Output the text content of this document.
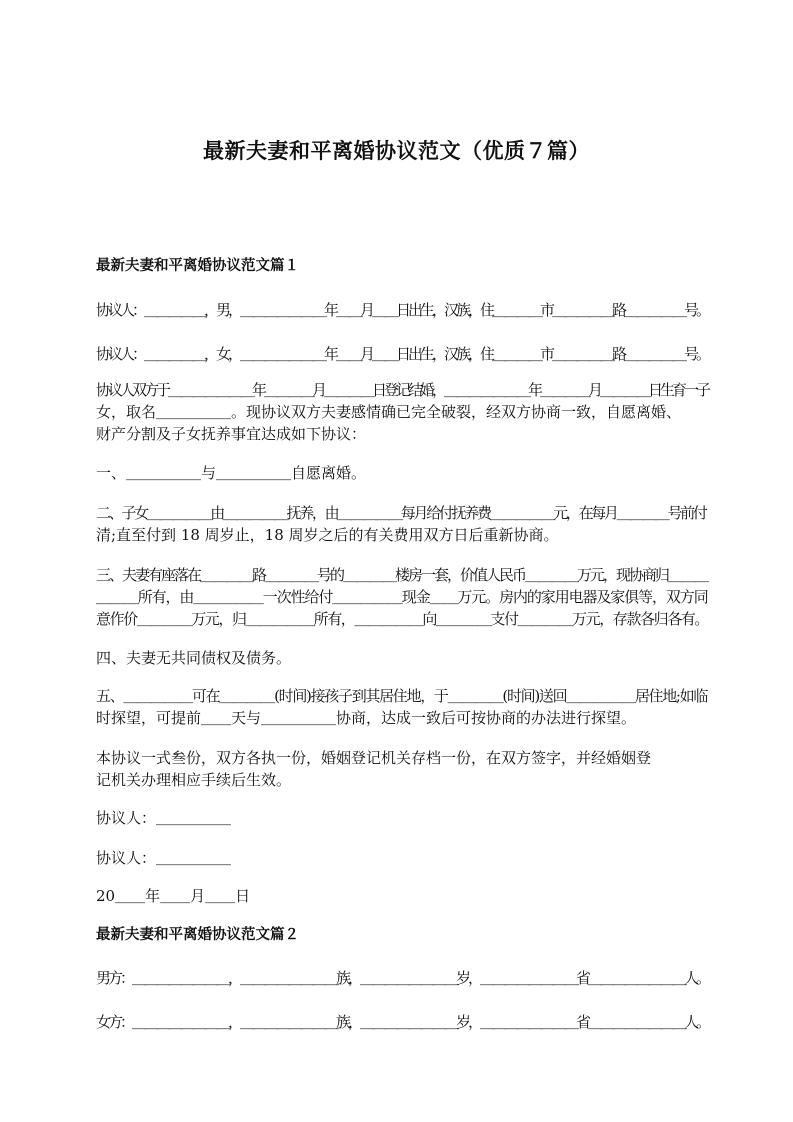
最新夫妻和平离婚协议范文（优质７篇）
最新夫妻和平离婚协议范文篇１
协议人：＿＿＿＿＿，男，＿＿＿＿＿＿＿年＿＿月＿＿日出生，汉族，住＿＿＿＿市＿＿＿＿＿路＿＿＿＿＿号。
协议人：＿＿＿＿＿，女，＿＿＿＿＿＿＿年＿＿月＿＿日出生，汉族，住＿＿＿＿市＿＿＿＿＿路＿＿＿＿＿号。
协议人双方于＿＿＿＿＿＿＿年＿＿＿＿月＿＿＿＿日登记结婚，＿＿＿＿＿＿＿年＿＿＿＿月＿＿＿＿日生育一子
女，取名＿＿＿＿＿。现协议双方夫妻感情确已完全破裂，经双方协商一致，自愿离婚、
财产分割及子女抚养事宜达成如下协议：
一、＿＿＿＿＿与＿＿＿＿＿自愿离婚。
二、子女＿＿＿＿＿由＿＿＿＿＿抚养，由＿＿＿＿＿每月给付抚养费＿＿＿＿＿元，在每月＿＿＿＿号前付
清;直至付到 18 周岁止，18 周岁之后的有关费用双方日后重新协商。
三、夫妻有座落在＿＿＿＿路＿＿＿＿号的＿＿＿＿楼房一套，价值人民币＿＿＿＿万元，现协商归＿＿＿
＿＿＿所有，由＿＿＿＿＿一次性给付＿＿＿＿＿现金＿＿万元。房内的家用电器及家俱等，双方同
意作价＿＿＿＿万元，归＿＿＿＿＿所有，＿＿＿＿＿向＿＿＿＿支付＿＿＿＿万元，存款各归各有。
四、夫妻无共同债权及债务。
五、＿＿＿＿＿可在＿＿＿＿(时间)接孩子到其居住地，于＿＿＿＿(时间)送回＿＿＿＿＿居住地;如临
时探望，可提前＿＿天与＿＿＿＿＿协商，达成一致后可按协商的办法进行探望。
本协议一式叁份，双方各执一份，婚姻登记机关存档一份，在双方签字，并经婚姻登
记机关办理相应手续后生效。
协议人：＿＿＿＿＿
协议人：＿＿＿＿＿
20＿＿年＿＿月＿＿日
最新夫妻和平离婚协议范文篇２
男方：＿＿＿＿＿＿＿＿，＿＿＿＿＿＿＿＿族，＿＿＿＿＿＿＿＿岁，＿＿＿＿＿＿＿＿省＿＿＿＿＿＿＿＿人。
女方：＿＿＿＿＿＿＿＿，＿＿＿＿＿＿＿＿族，＿＿＿＿＿＿＿＿岁，＿＿＿＿＿＿＿＿省＿＿＿＿＿＿＿＿人。
